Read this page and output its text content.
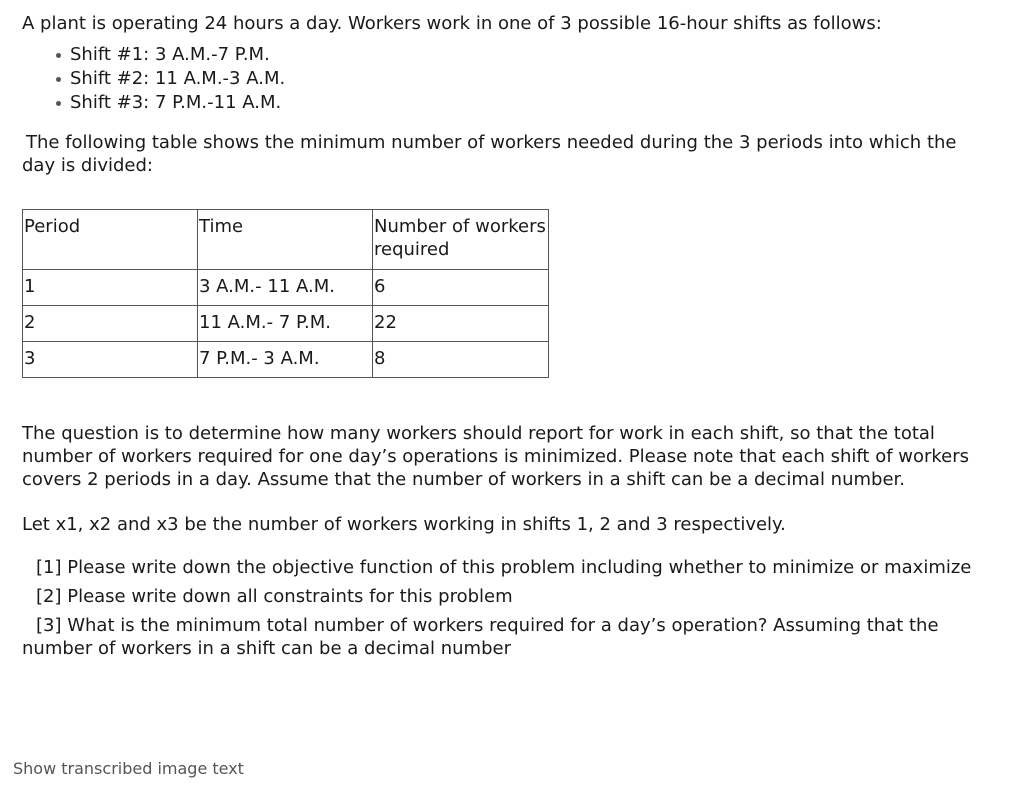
A plant is operating 24 hours a day. Workers work in one of 3 possible 16-hour shifts as follows:

Shift #1: 3 A.M.-7 P.M.
Shift #2: 11 A.M.-3 A.M.
Shift #3: 7 P.M.-11 A.M.

The following table shows the minimum number of workers needed during the 3 periods into which the day is divided:

Period	Time	Number of workers required
1	3 A.M.- 11 A.M.	6
2	11 A.M.- 7 P.M.	22
3	7 P.M.- 3 A.M.	8

The question is to determine how many workers should report for work in each shift, so that the total number of workers required for one day’s operations is minimized. Please note that each shift of workers covers 2 periods in a day. Assume that the number of workers in a shift can be a decimal number.

Let x1, x2 and x3 be the number of workers working in shifts 1, 2 and 3 respectively.

[1] Please write down the objective function of this problem including whether to minimize or maximize

[2] Please write down all constraints for this problem

[3] What is the minimum total number of workers required for a day’s operation? Assuming that the number of workers in a shift can be a decimal number

Show transcribed image text
